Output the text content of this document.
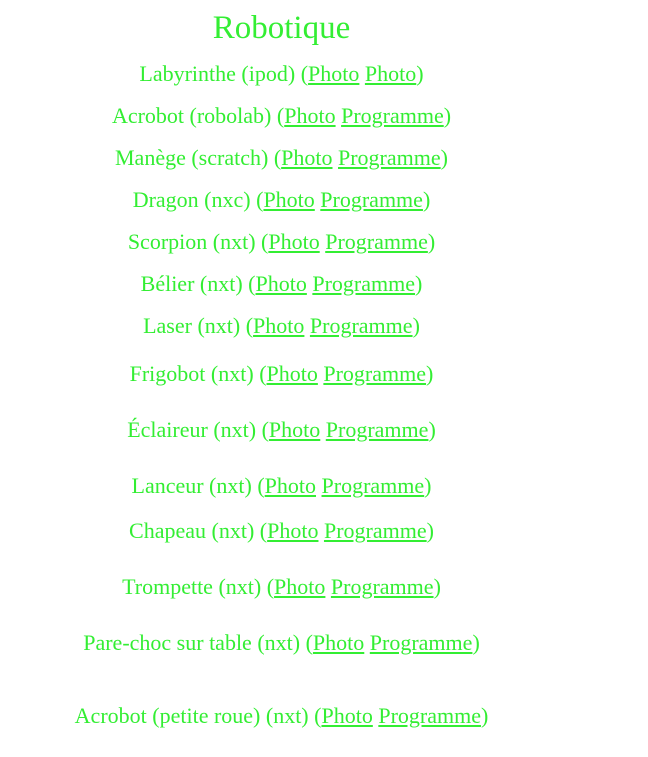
Robotique
Labyrinthe (ipod) (Photo Photo)
Acrobot (robolab) (Photo Programme)
Manège (scratch) (Photo Programme)
Dragon (nxc) (Photo Programme)
Scorpion (nxt) (Photo Programme)
Bélier (nxt) (Photo Programme)
Laser (nxt) (Photo Programme)
Frigobot (nxt) (Photo Programme)
Éclaireur (nxt) (Photo Programme)
Lanceur (nxt) (Photo Programme)
Chapeau (nxt) (Photo Programme)
Trompette (nxt) (Photo Programme)
Pare-choc sur table (nxt) (Photo Programme)
Acrobot (petite roue) (nxt) (Photo Programme)
